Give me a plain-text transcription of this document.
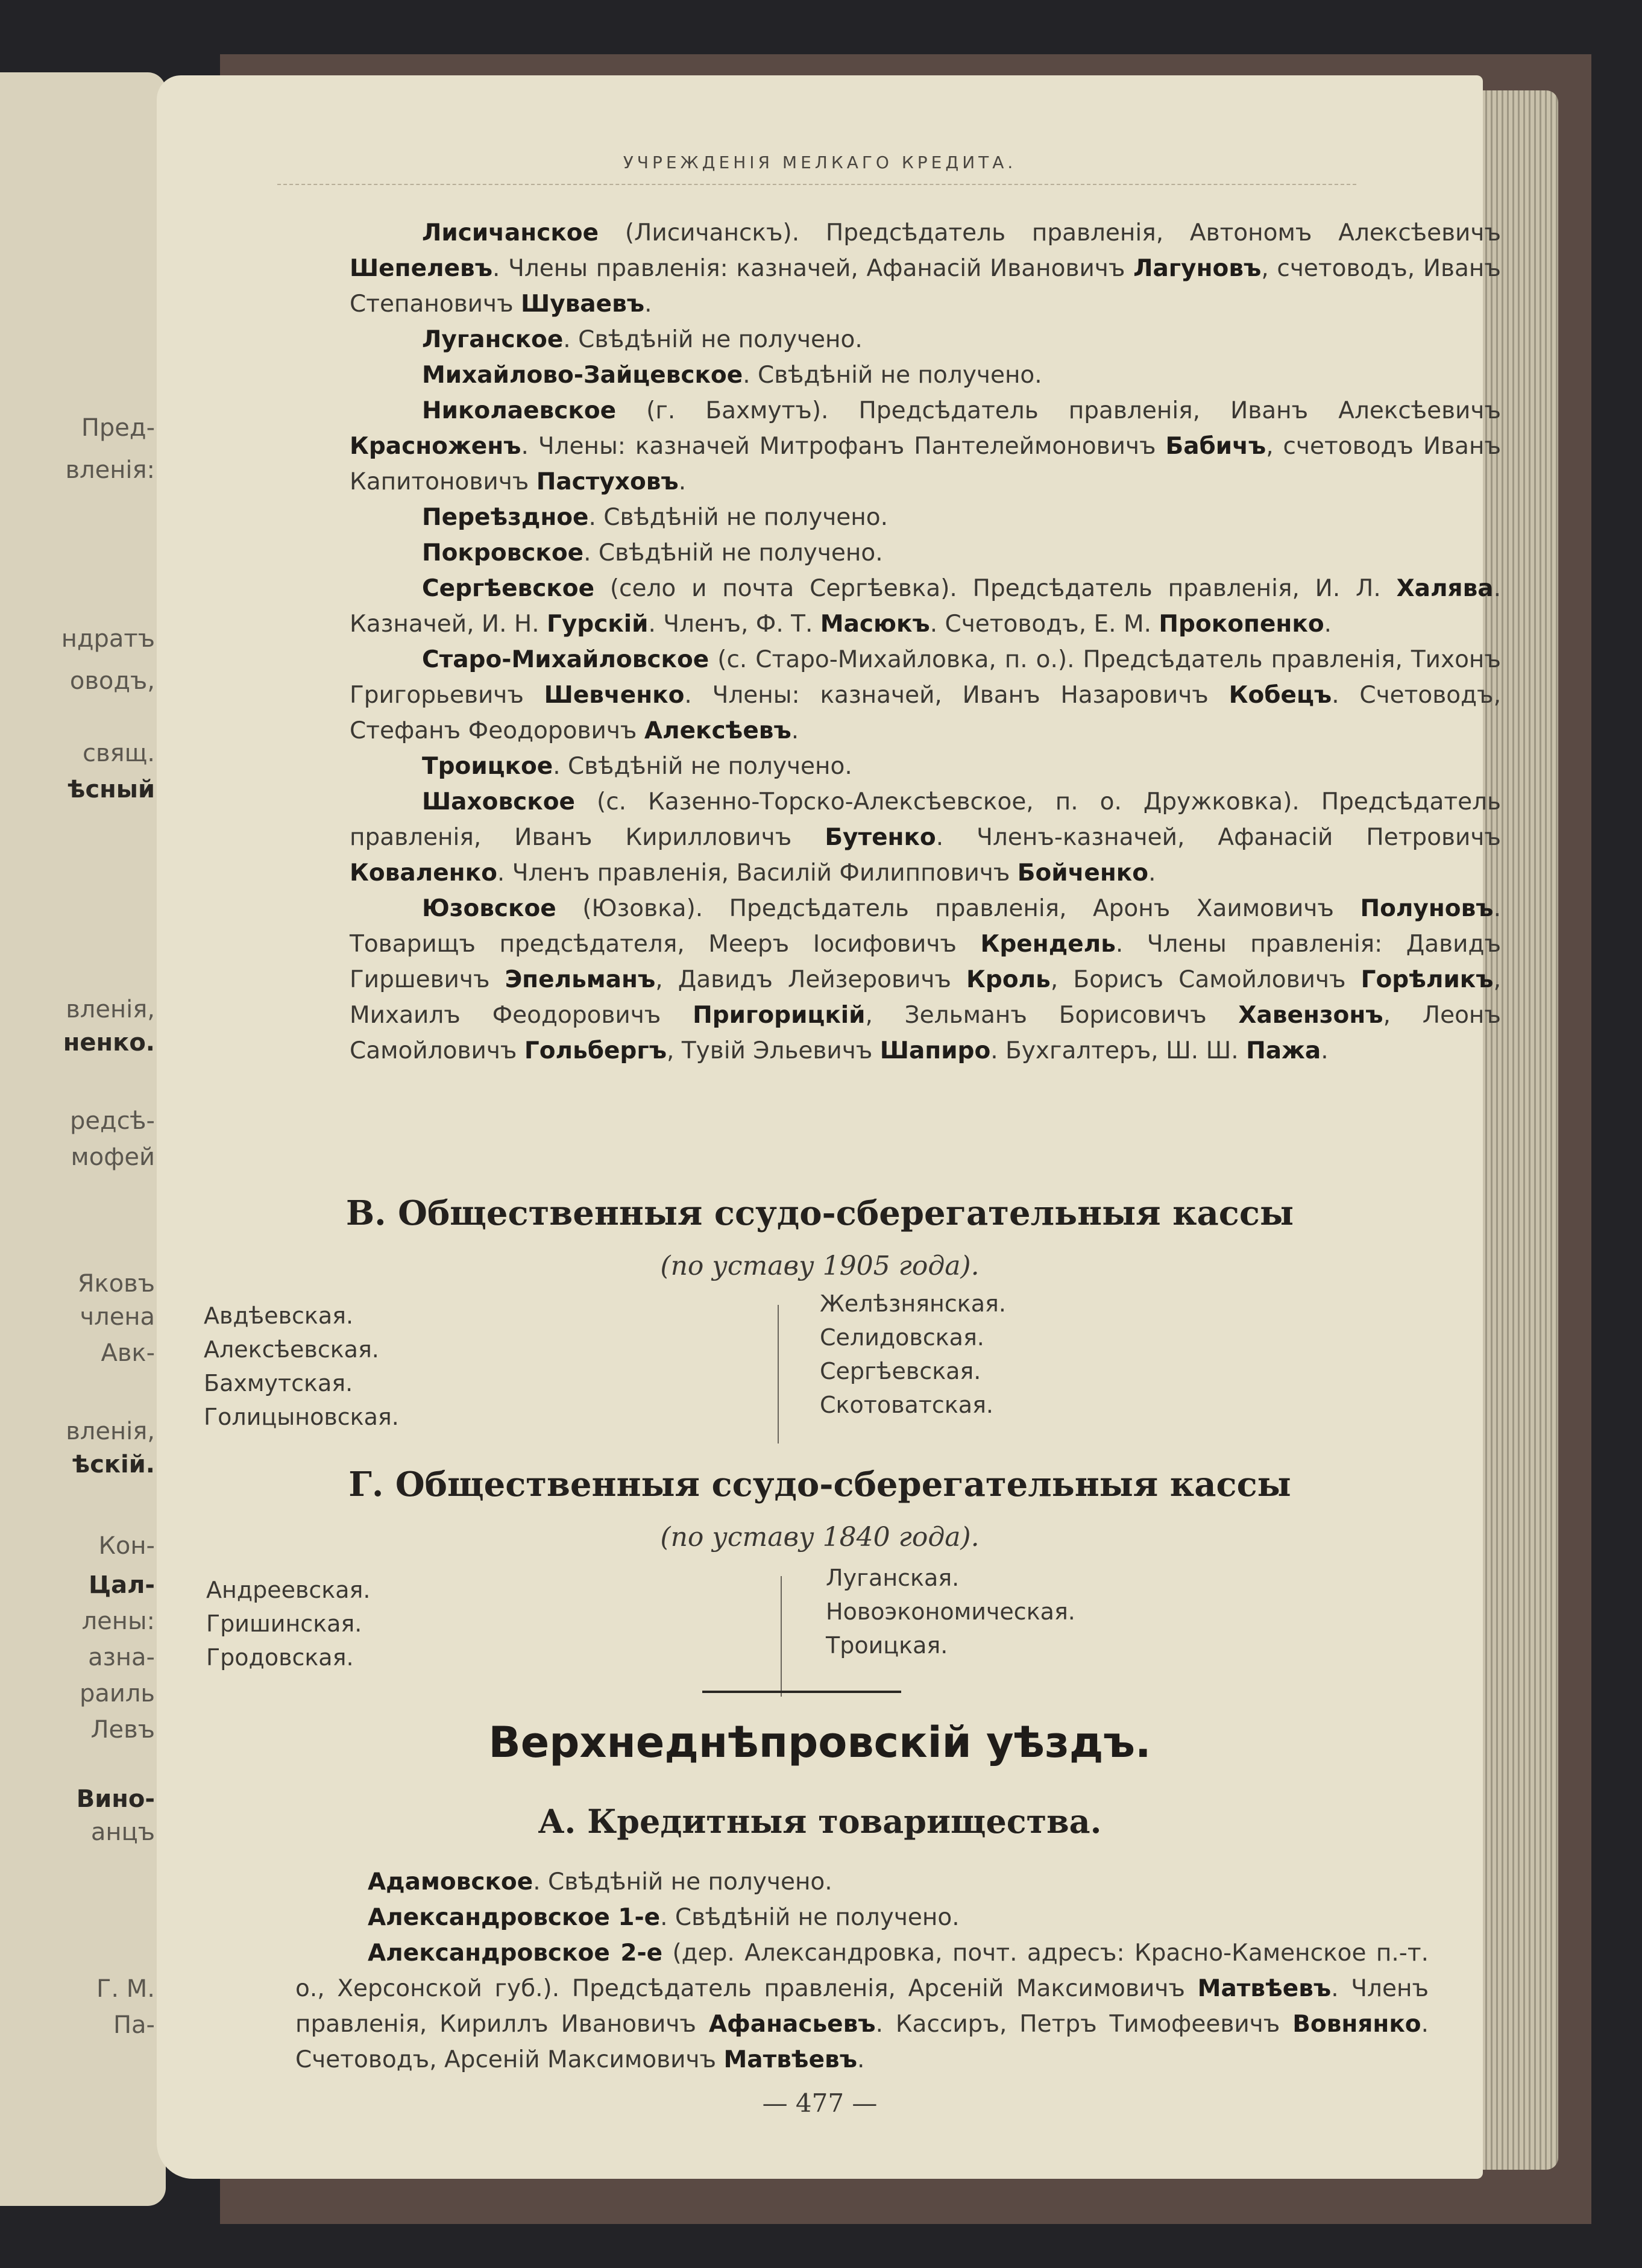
Пред-
вленія:
ндратъ
оводъ,
свящ.
ѣсный
вленія,
ненко.
редсѣ-
мофей
Яковъ
члена
Авк-
вленія,
ѣскій.
Кон-
Цал-
лены:
азна-
раиль
Левъ
Вино-
анцъ
Г. М.
Па-
УЧРЕЖДЕНІЯ МЕЛКАГО КРЕДИТА.

Лисичанское (Лисичанскъ). Предсѣдатель правленія, Автономъ Алексѣевичъ Шепелевъ. Члены правленія: казначей, Афанасій Ивановичъ Лагуновъ, счетоводъ, Иванъ Степановичъ Шуваевъ.

Луганское. Свѣдѣній не получено.

Михайлово-Зайцевское. Свѣдѣній не получено.

Николаевское (г. Бахмутъ). Предсѣдатель правленія, Иванъ Алексѣевичъ Красноженъ. Члены: казначей Митрофанъ Пантелеймоновичъ Бабичъ, счетоводъ Иванъ Капитоновичъ Пастуховъ.

Переѣздное. Свѣдѣній не получено.

Покровское. Свѣдѣній не получено.

Сергѣевское (село и почта Сергѣевка). Предсѣдатель правленія, И. Л. Халява. Казначей, И. Н. Гурскій. Членъ, Ф. Т. Масюкъ. Счетоводъ, Е. М. Прокопенко.

Старо-Михайловское (с. Старо-Михайловка, п. о.). Предсѣдатель правленія, Тихонъ Григорьевичъ Шевченко. Члены: казначей, Иванъ Назаровичъ Кобецъ. Счетоводъ, Стефанъ Феодоровичъ Алексѣевъ.

Троицкое. Свѣдѣній не получено.

Шаховское (с. Казенно-Торско-Алексѣевское, п. о. Дружковка). Предсѣдатель правленія, Иванъ Кирилловичъ Бутенко. Членъ-казначей, Афанасій Петровичъ Коваленко. Членъ правленія, Василій Филипповичъ Бойченко.

Юзовское (Юзовка). Предсѣдатель правленія, Аронъ Хаимовичъ Полуновъ. Товарищъ предсѣдателя, Мееръ Іосифовичъ Крендель. Члены правленія: Давидъ Гиршевичъ Эпельманъ, Давидъ Лейзеровичъ Кроль, Борисъ Самойловичъ Горѣликъ, Михаилъ Феодоровичъ Пригорицкій, Зельманъ Борисовичъ Хавензонъ, Леонъ Самойловичъ Гольбергъ, Тувій Эльевичъ Шапиро. Бухгалтеръ, Ш. Ш. Пажа.

В. Общественныя ссудо-сберегательныя кассы
(по уставу 1905 года).
Авдѣевская.
Алексѣевская.
Бахмутская.
Голицыновская.
Желѣзнянская.
Селидовская.
Сергѣевская.
Скотоватская.
Г. Общественныя ссудо-сберегательныя кассы
(по уставу 1840 года).
Андреевская.
Гришинская.
Гродовская.
Луганская.
Новоэкономическая.
Троицкая.
Верхнеднѣпровскій уѣздъ.
А. Кредитныя товарищества.

Адамовское. Свѣдѣній не получено.

Александровское 1-е. Свѣдѣній не получено.

Александровское 2-е (дер. Александровка, почт. адресъ: Красно-Каменское п.-т. о., Херсонской губ.). Предсѣдатель правленія, Арсеній Максимовичъ Матвѣевъ. Членъ правленія, Кириллъ Ивановичъ Афанасьевъ. Кассиръ, Петръ Тимофеевичъ Вовнянко. Счетоводъ, Арсеній Максимовичъ Матвѣевъ.

— 477 —
